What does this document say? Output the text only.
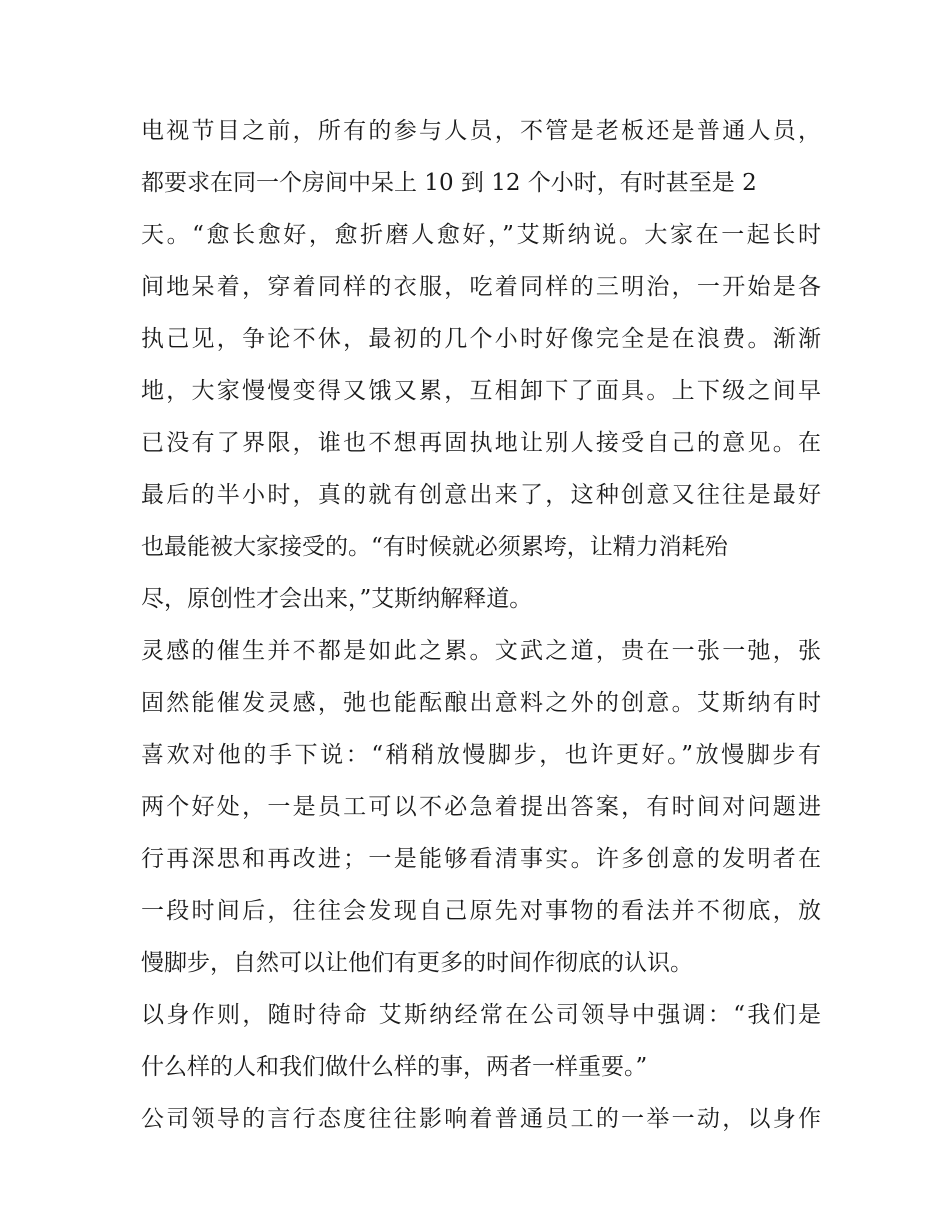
电视节目之前，所有的参与人员，不管是老板还是普通人员，
都要求在同一个房间中呆上 10 到 12 个小时，有时甚至是 2
天。“愈长愈好，愈折磨人愈好，”艾斯纳说。大家在一起长时
间地呆着，穿着同样的衣服，吃着同样的三明治，一开始是各
执己见，争论不休，最初的几个小时好像完全是在浪费。渐渐
地，大家慢慢变得又饿又累，互相卸下了面具。上下级之间早
已没有了界限，谁也不想再固执地让别人接受自己的意见。在
最后的半小时，真的就有创意出来了，这种创意又往往是最好
也最能被大家接受的。“有时候就必须累垮，让精力消耗殆
尽，原创性才会出来，”艾斯纳解释道。
灵感的催生并不都是如此之累。文武之道，贵在一张一弛，张
固然能催发灵感，弛也能酝酿出意料之外的创意。艾斯纳有时
喜欢对他的手下说：“稍稍放慢脚步，也许更好。”放慢脚步有
两个好处，一是员工可以不必急着提出答案，有时间对问题进
行再深思和再改进；一是能够看清事实。许多创意的发明者在
一段时间后，往往会发现自己原先对事物的看法并不彻底，放
慢脚步，自然可以让他们有更多的时间作彻底的认识。
以身作则，随时待命 艾斯纳经常在公司领导中强调：“我们是
什么样的人和我们做什么样的事，两者一样重要。”
公司领导的言行态度往往影响着普通员工的一举一动，以身作
